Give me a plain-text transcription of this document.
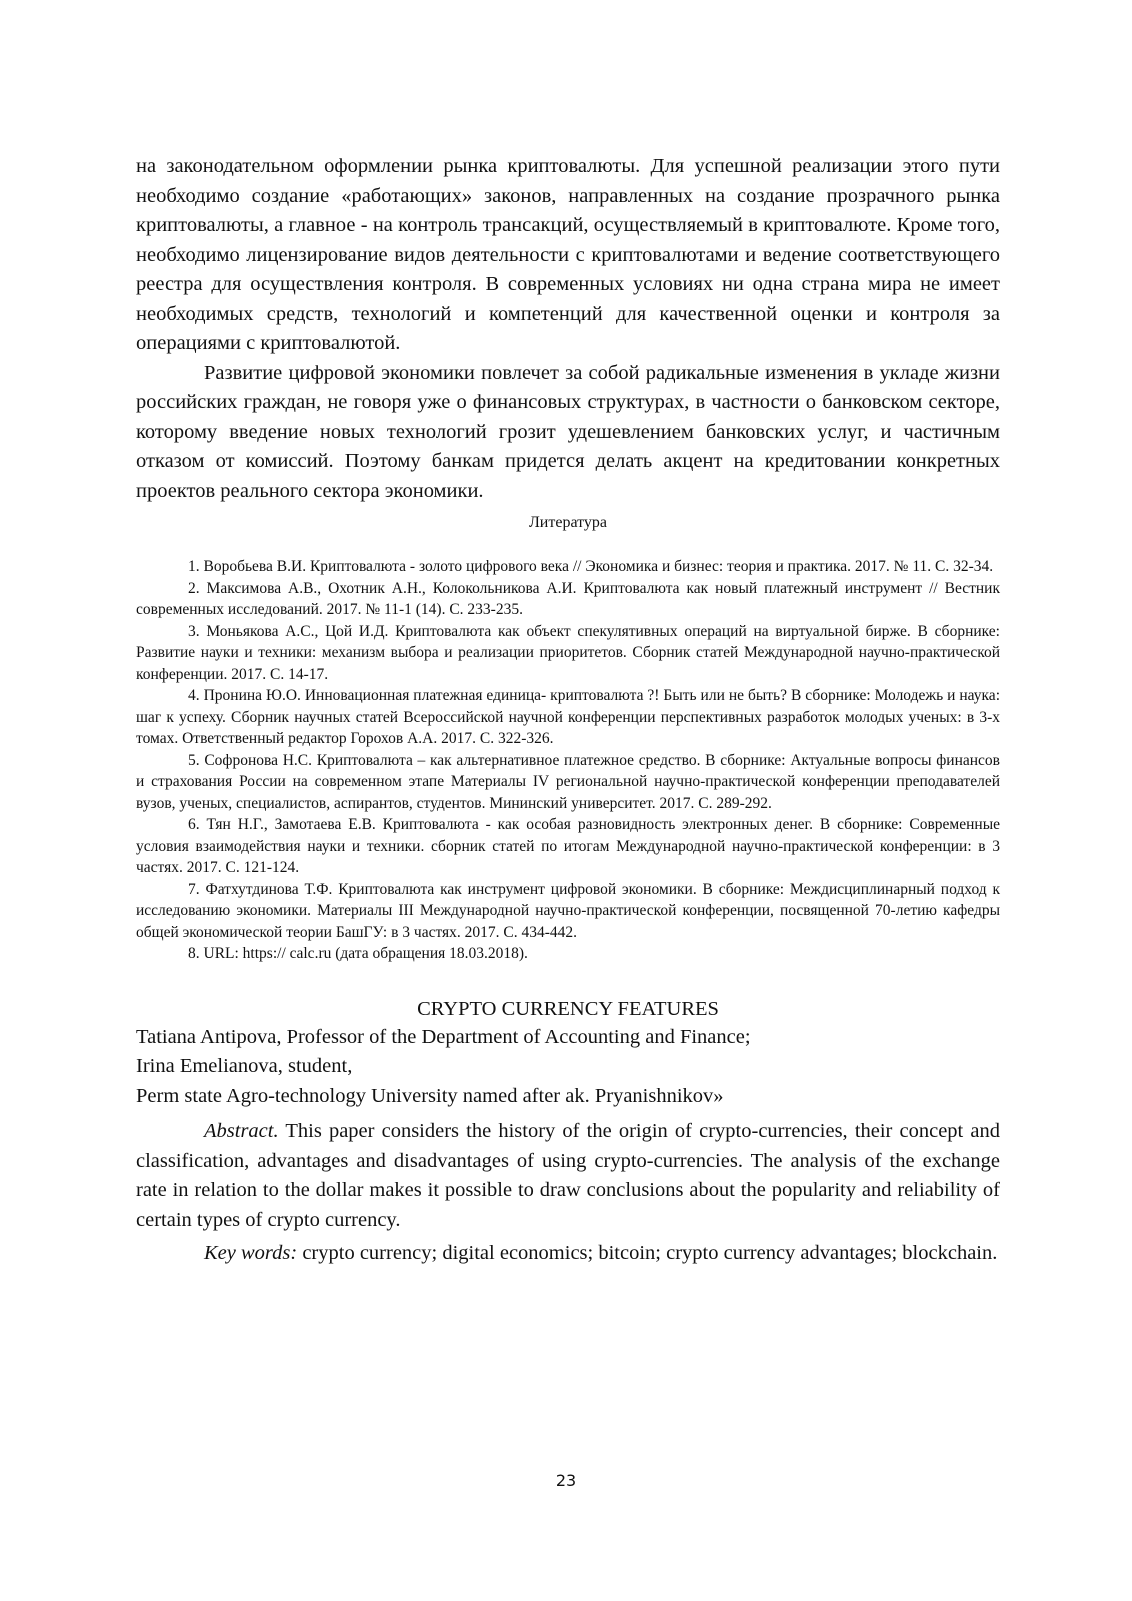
на законодательном оформлении рынка криптовалюты. Для успешной реализации этого пути необходимо создание «работающих» законов, направленных на создание прозрачного рынка криптовалюты, а главное - на контроль трансакций, осуществляемый в криптовалюте. Кроме того, необходимо лицензирование видов деятельности с криптовалютами и ведение соответствующего реестра для осуществления контроля. В современных условиях ни одна страна мира не имеет необходимых средств, технологий и компетенций для качественной оценки и контроля за операциями с криптовалютой.

Развитие цифровой экономики повлечет за собой радикальные изменения в укладе жизни российских граждан, не говоря уже о финансовых структурах, в частности о банковском секторе, которому введение новых технологий грозит удешевлением банковских услуг, и частичным отказом от комиссий. Поэтому банкам придется делать акцент на кредитовании конкретных проектов реального сектора экономики.

Литература
1. Воробьева В.И. Криптовалюта - золото цифрового века // Экономика и бизнес: теория и практика. 2017. № 11. С. 32-34.
2. Максимова А.В., Охотник А.Н., Колокольникова А.И. Криптовалюта как новый платежный инструмент // Вестник современных исследований. 2017. № 11-1 (14). С. 233-235.
3. Моньякова А.С., Цой И.Д. Криптовалюта как объект спекулятивных операций на виртуальной бирже. В сборнике: Развитие науки и техники: механизм выбора и реализации приоритетов. Сборник статей Международной научно-практической конференции. 2017. С. 14-17.
4. Пронина Ю.О. Инновационная платежная единица- криптовалюта ?! Быть или не быть? В сборнике: Молодежь и наука: шаг к успеху. Сборник научных статей Всероссийской научной конференции перспективных разработок молодых ученых: в 3-х томах. Ответственный редактор Горохов А.А. 2017. С. 322-326.
5. Софронова Н.С. Криптовалюта – как альтернативное платежное средство. В сборнике: Актуальные вопросы финансов и страхования России на современном этапе Материалы IV региональной научно-практической конференции преподавателей вузов, ученых, специалистов, аспирантов, студентов. Мининский университет. 2017. С. 289-292.
6. Тян Н.Г., Замотаева Е.В. Криптовалюта - как особая разновидность электронных денег. В сборнике: Современные условия взаимодействия науки и техники. сборник статей по итогам Международной научно-практической конференции: в 3 частях. 2017. С. 121-124.
7. Фатхутдинова Т.Ф. Криптовалюта как инструмент цифровой экономики. В сборнике: Междисциплинарный подход к исследованию экономики. Материалы III Международной научно-практической конференции, посвященной 70-летию кафедры общей экономической теории БашГУ: в 3 частях. 2017. С. 434-442.
8. URL: https:// calc.ru (дата обращения 18.03.2018).
CRYPTO CURRENCY FEATURES

Tatiana Antipova, Professor of the Department of Accounting and Finance;

Irina Emelianova, student,

Perm state Agro-technology University named after ak. Pryanishnikov»

Abstract. This paper considers the history of the origin of crypto-currencies, their concept and classification, advantages and disadvantages of using crypto-currencies. The analysis of the exchange rate in relation to the dollar makes it possible to draw conclusions about the popularity and reliability of certain types of crypto currency.

Key words: crypto currency; digital economics; bitcoin; crypto currency advantages; blockchain.

23
